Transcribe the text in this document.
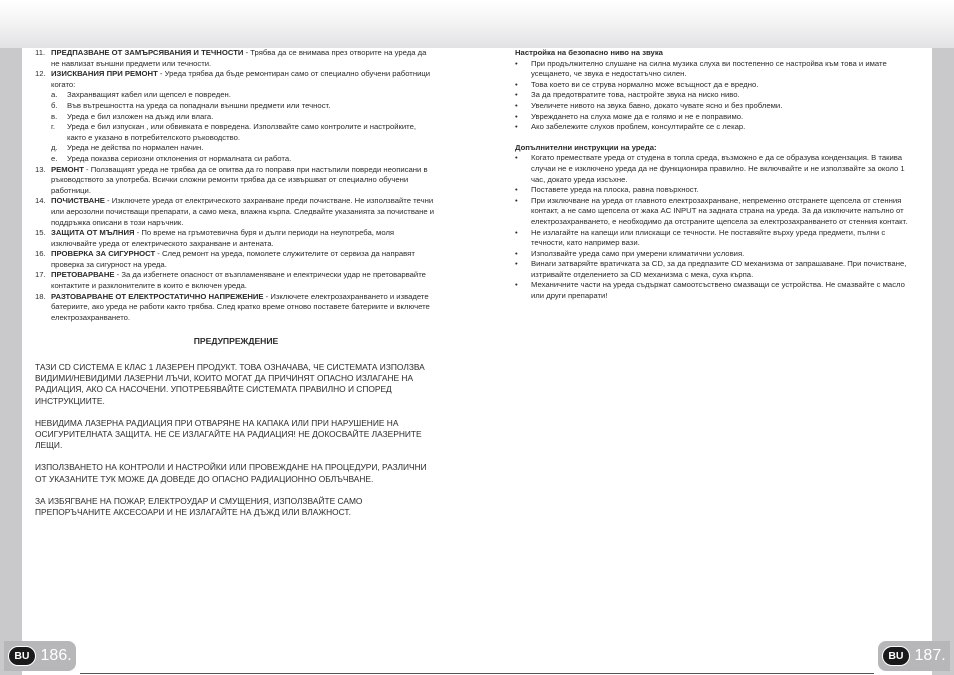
11. ПРЕДПАЗВАНЕ ОТ ЗАМЪРСЯВАНИЯ И ТЕЧНОСТИ - Трябва да се внимава през отворите на уреда да не навлизат външни предмети или течности.
12. ИЗИСКВАНИЯ ПРИ РЕМОНТ - Уреда трябва да бъде ремонтиран само от специално обучени работници когато:
а. Захранващият кабел или щепсел е повреден.
б. Във вътрешността на уреда са попаднали външни предмети или течност.
в. Уреда е бил изложен на дъжд или влага.
г. Уреда е бил изпускан , или обвивката е повредена. Използвайте само контролите и настройките, както е указано в потребителското ръководство.
д. Уреда не действа по нормален начин.
е. Уреда показва сериозни отклонения от нормалната си работа.
13. РЕМОНТ - Ползващият уреда не трябва да се опитва да го поправя при настъпили повреди неописани в ръководството за употреба. Всички сложни ремонти трябва да се извършват от специално обучени работници.
14. ПОЧИСТВАНЕ - Изключете уреда от електрическото захранване преди почистване. Не използвайте течни или аерозолни почистващи препарати, а само мека, влажна кърпа. Следвайте указанията за почистване и поддръжка описани в този наръчник.
15. ЗАЩИТА ОТ МЪЛНИЯ - По време на гръмотевична буря и дълги периоди на неупотреба, моля изключвайте уреда от електрическото захранване и антената.
16. ПРОВЕРКА ЗА СИГУРНОСТ - След ремонт на уреда, помолете служителите от сервиза да направят проверка за сигурност на уреда.
17. ПРЕТОВАРВАНЕ - За да избегнете опасност от възпламеняване и електрически удар не претоварвайте контактите и разклонителите в които е включен уреда.
18. РАЗТОВАРВАНЕ ОТ ЕЛЕКТРОСТАТИЧНО НАПРЕЖЕНИЕ - Изключете електрозахранването и извадете батериите, ако уреда не работи както трябва. След кратко време отново поставете батериите и включете електрозахранването.
ПРЕДУПРЕЖДЕНИЕ

ТАЗИ CD СИСТЕМА Е КЛАС 1 ЛАЗЕРЕН ПРОДУКТ. ТОВА ОЗНАЧАВА, ЧЕ СИСТЕМАТА ИЗПОЛЗВА ВИДИМИ/НЕВИДИМИ ЛАЗЕРНИ ЛЪЧИ, КОИТО МОГАТ ДА ПРИЧИНЯТ ОПАСНО ИЗЛАГАНЕ НА РАДИАЦИЯ, АКО СА НАСОЧЕНИ. УПОТРЕБЯВАЙТЕ СИСТЕМАТА ПРАВИЛНО И СПОРЕД ИНСТРУКЦИИТЕ.

НЕВИДИМА ЛАЗЕРНА РАДИАЦИЯ ПРИ ОТВАРЯНЕ НА КАПАКА ИЛИ ПРИ НАРУШЕНИЕ НА ОСИГУРИТЕЛНАТА ЗАЩИТА. НЕ СЕ ИЗЛАГАЙТЕ НА РАДИАЦИЯ! НЕ ДОКОСВАЙТЕ ЛАЗЕРНИТЕ ЛЕЩИ.

ИЗПОЛЗВАНЕТО НА КОНТРОЛИ И НАСТРОЙКИ ИЛИ ПРОВЕЖДАНЕ НА ПРОЦЕДУРИ, РАЗЛИЧНИ ОТ УКАЗАНИТЕ ТУК МОЖЕ ДА ДОВЕДЕ ДО ОПАСНО РАДИАЦИОННО ОБЛЪЧВАНЕ.

ЗА ИЗБЯГВАНЕ НА ПОЖАР, ЕЛЕКТРОУДАР И СМУЩЕНИЯ, ИЗПОЛЗВАЙТЕ САМО ПРЕПОРЪЧАНИТЕ АКСЕСОАРИ И НЕ ИЗЛАГАЙТЕ НА ДЪЖД ИЛИ ВЛАЖНОСТ.

Настройка на безопасно ниво на звука

• При продължително слушане на силна музика слуха ви постепенно се настройва към това и имате усещането, че звука е недостатъчно силен.
• Това което ви се струва нормално може всъщност да е вредно.
• За да предотвратите това, настройте звука на ниско ниво.
• Увеличете нивото на звука бавно, докато чувате ясно и без проблеми.
• Увреждането на слуха може да е голямо и не е поправимо.
• Ако забележите слухов проблем, консултирайте се с лекар.

Допълнителни инструкции на уреда:

• Когато премествате уреда от студена в топла среда, възможно е да се образува кондензация. В такива случаи не е изключено уреда да не функционира правилно. Не включвайте и не използвайте за около 1 час, докато уреда изсъхне.
• Поставете уреда на плоска, равна повърхност.
• При изключване на уреда от главното електрозахранване, непременно отстранете щепсела от стенния контакт, а не само щепсела от жака AC INPUT на задната страна на уреда. За да изключите напълно от електрозахранването, е необходимо да отстраните щепсела за електрозахранването от стенния контакт.
• Не излагайте на капещи или плискащи се течности. Не поставяйте върху уреда предмети, пълни с течности, като например вази.
• Използвайте уреда само при умерени климатични условия.
• Винаги затваряйте вратичката за CD, за да предпазите CD механизма от запрашаване. При почистване, изтривайте отделението за CD механизма с мека, суха кърпа.
• Механичните части на уреда съдържат самоотсъствено смазващи се устройства. Не смазвайте с масло или други препарати!
BU 186.	BU 187.
